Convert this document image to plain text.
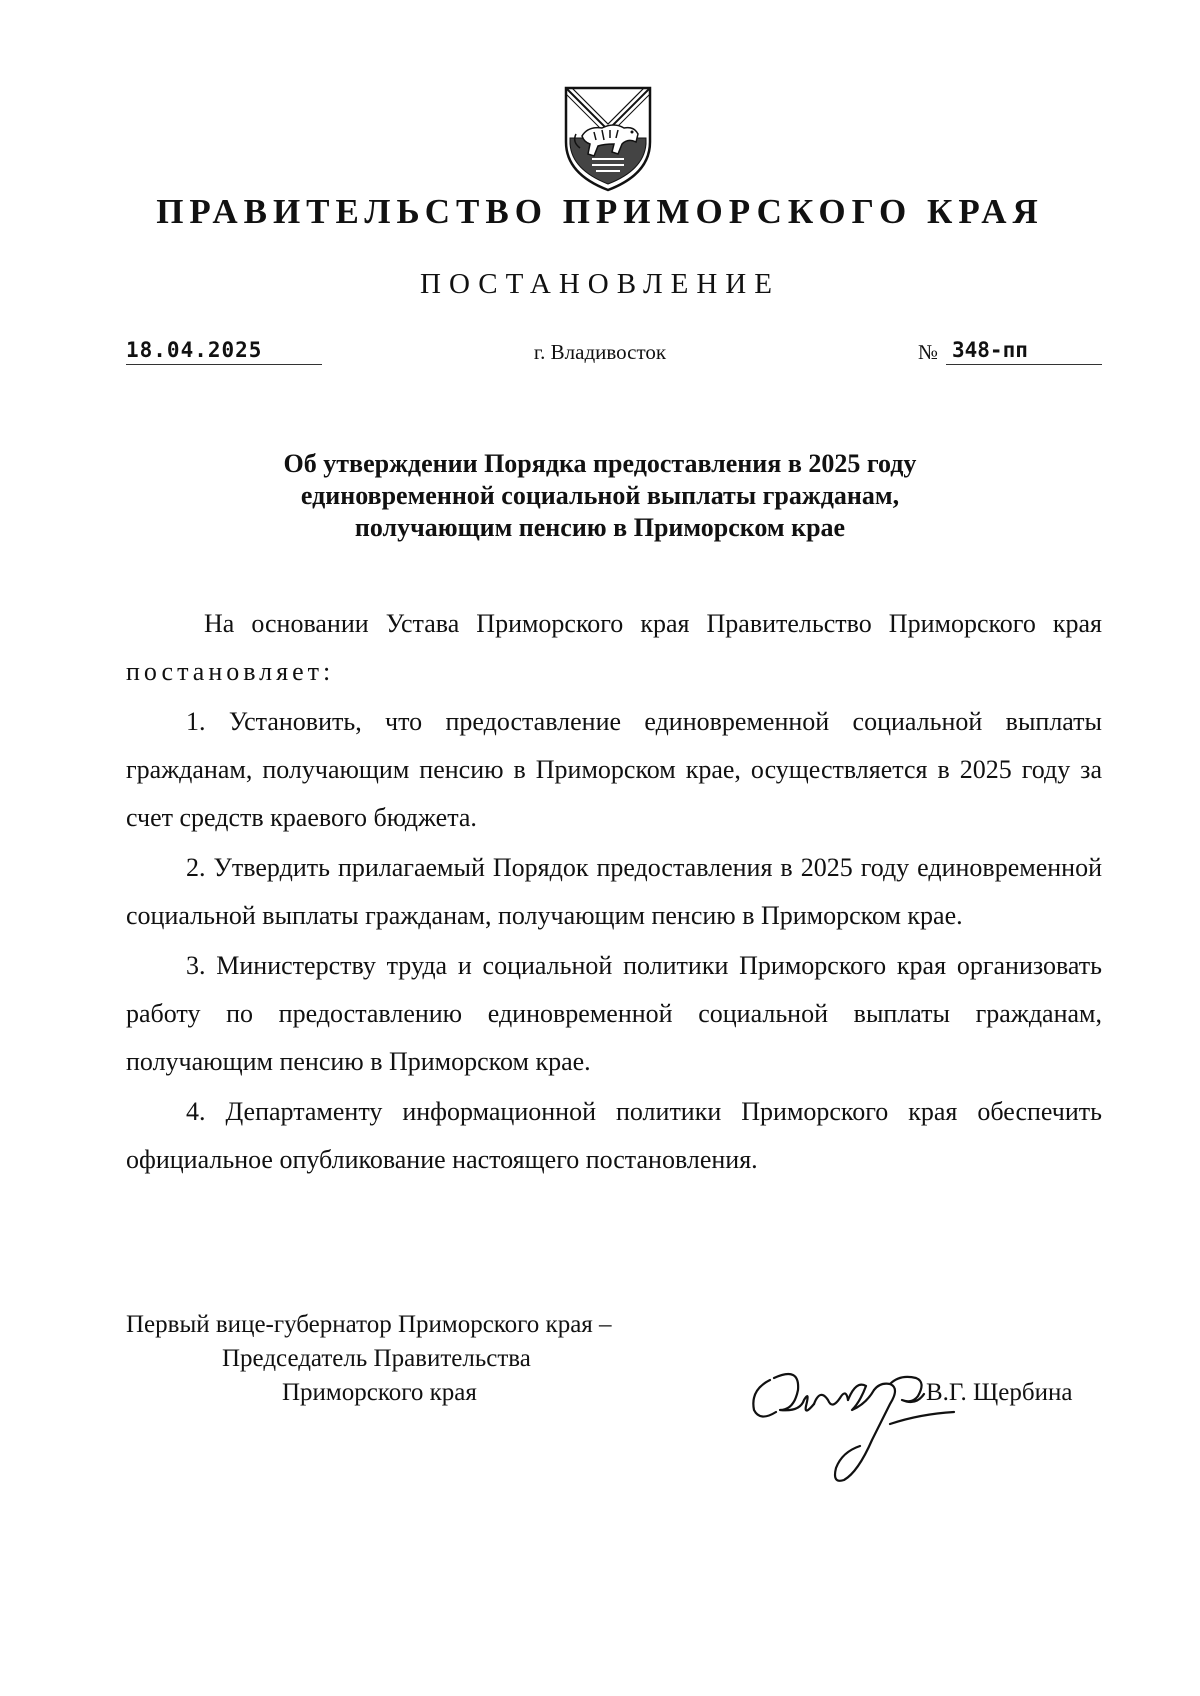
ПРАВИТЕЛЬСТВО ПРИМОРСКОГО КРАЯ
ПОСТАНОВЛЕНИЕ
18.04.2025	г. Владивосток	№ 348-пп
Об утверждении Порядка предоставления в 2025 году
единовременной социальной выплаты гражданам,
получающим пенсию в Приморском крае

На основании Устава Приморского края Правительство Приморского края постановляет:

1. Установить, что предоставление единовременной социальной выплаты гражданам, получающим пенсию в Приморском крае, осуществляется в 2025 году за счет средств краевого бюджета.

2. Утвердить прилагаемый Порядок предоставления в 2025 году единовременной социальной выплаты гражданам, получающим пенсию в Приморском крае.

3. Министерству труда и социальной политики Приморского края организовать работу по предоставлению единовременной социальной выплаты гражданам, получающим пенсию в Приморском крае.

4. Департаменту информационной политики Приморского края обеспечить официальное опубликование настоящего постановления.

Первый вице-губернатор Приморского края –
Председатель Правительства
Приморского края	В.Г. Щербина
